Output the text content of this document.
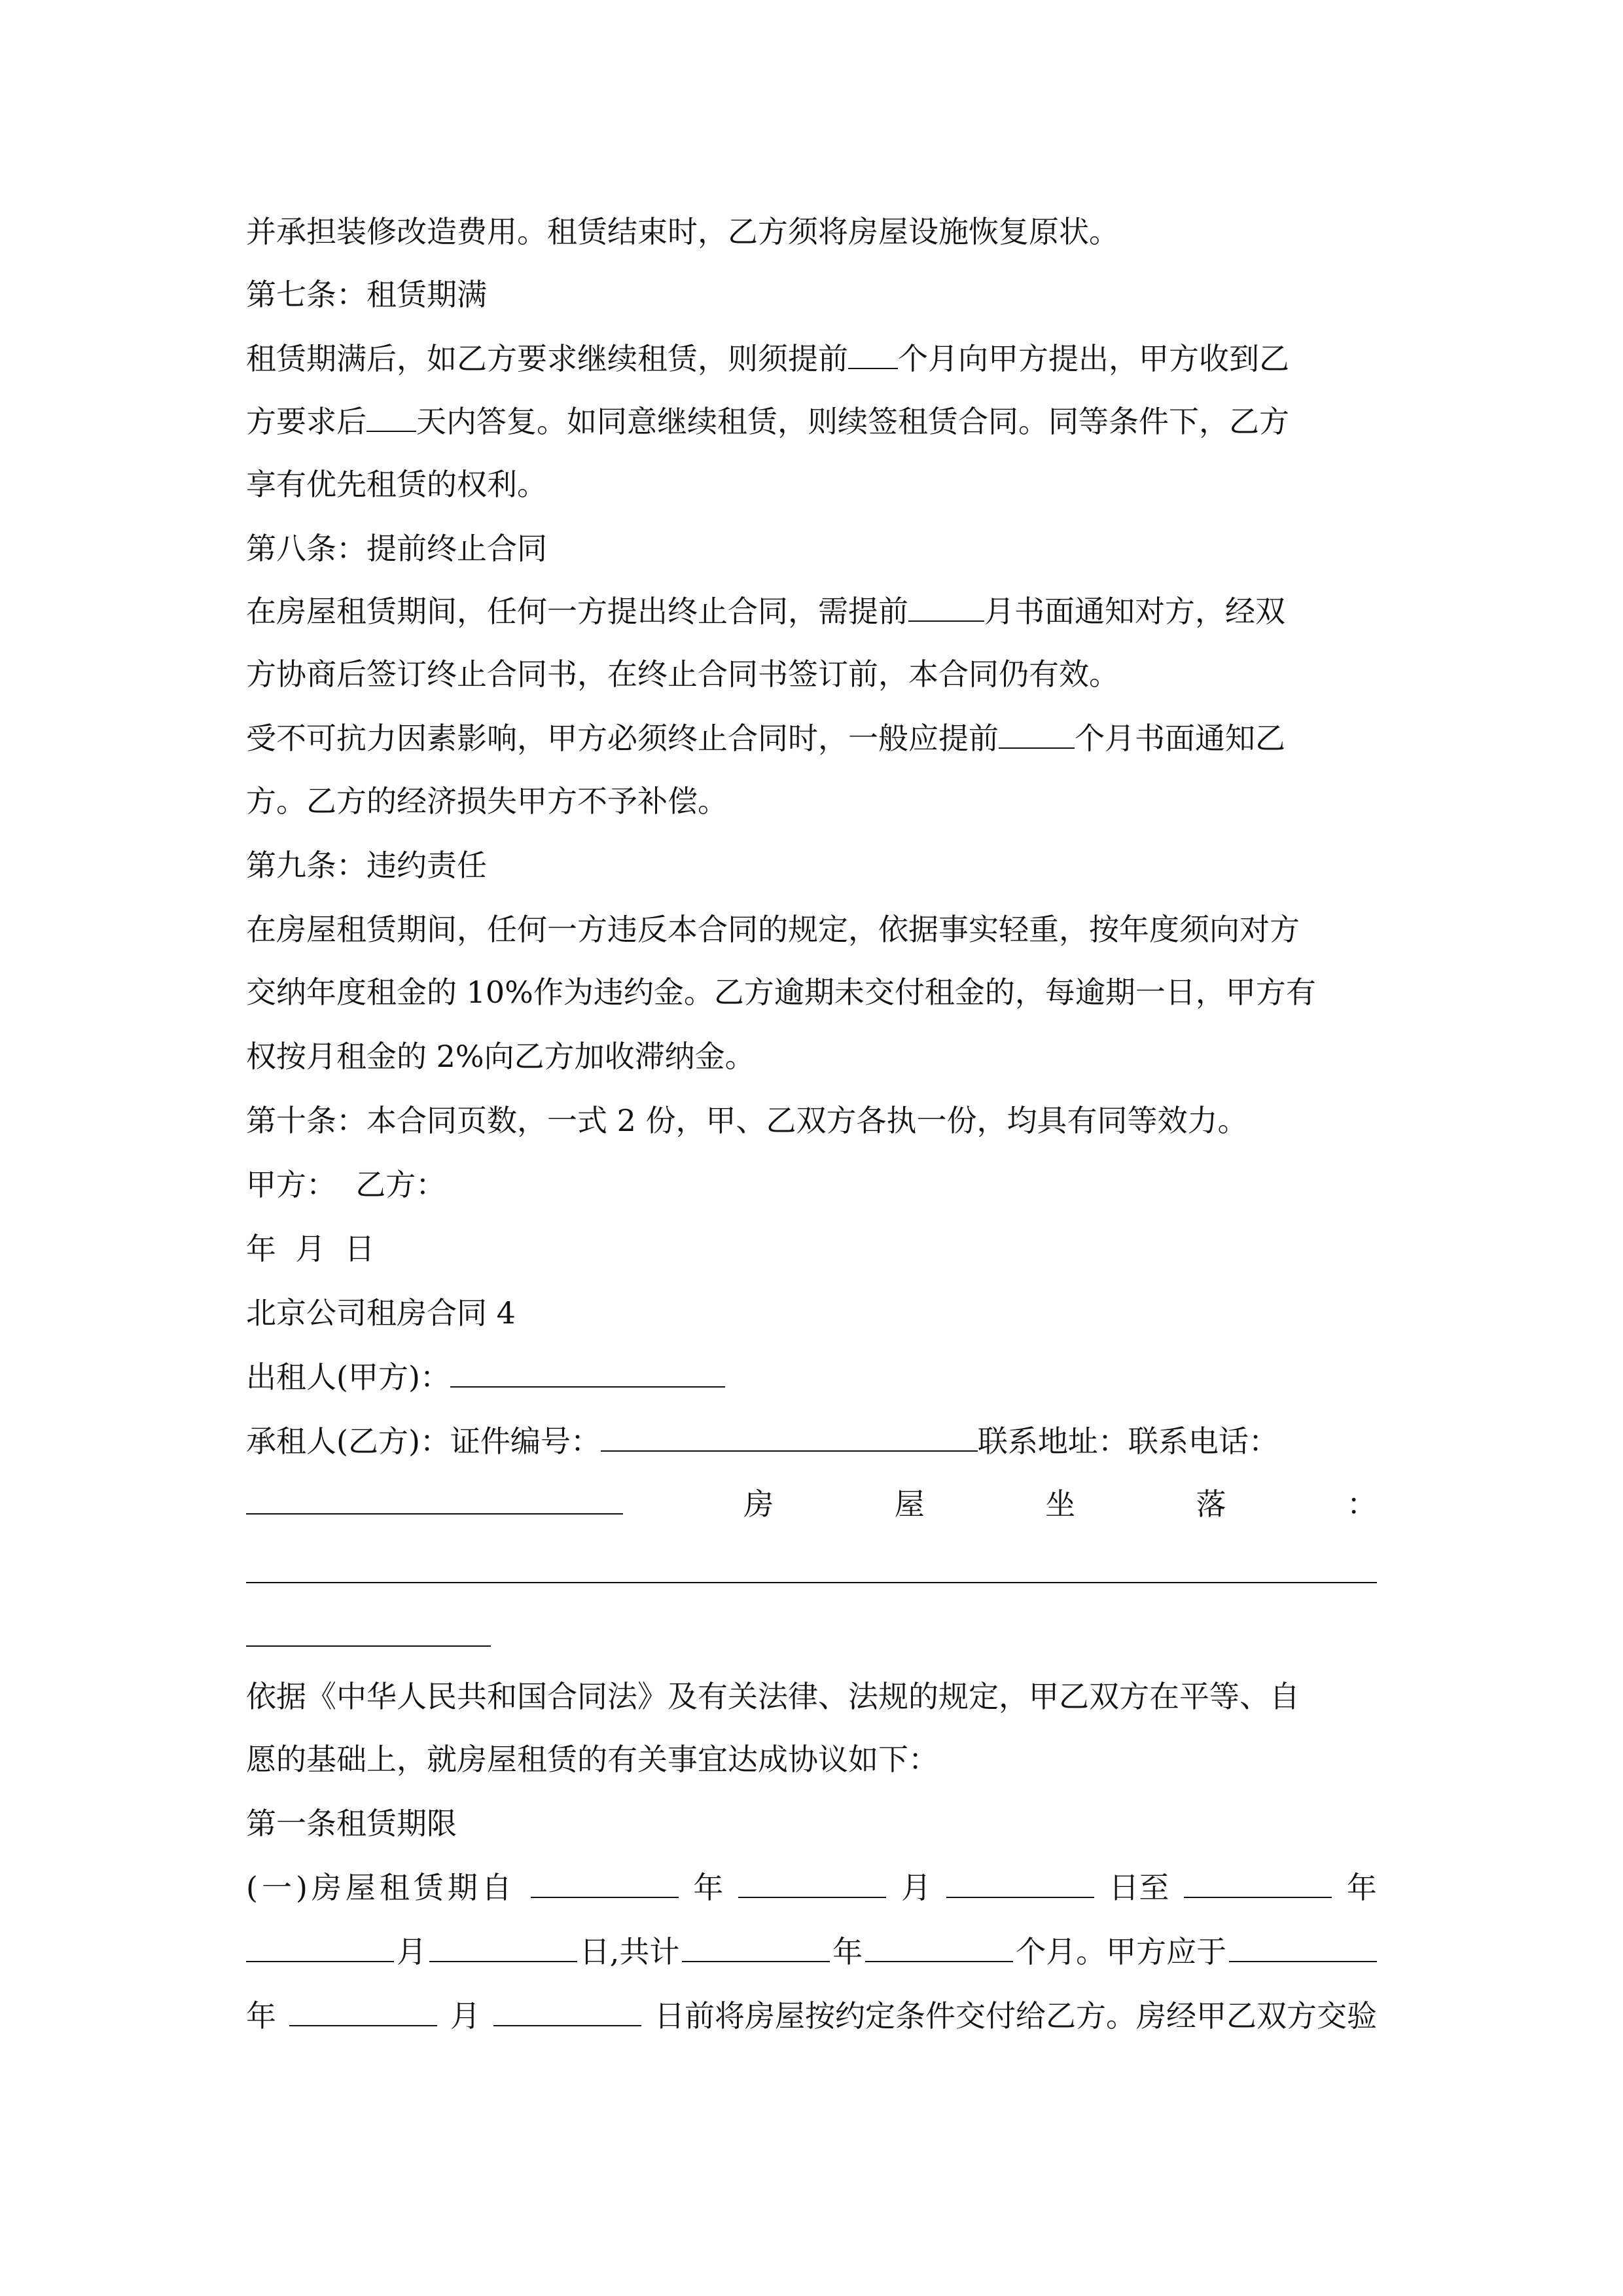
并承担装修改造费用。租赁结束时，乙方须将房屋设施恢复原状。
第七条：租赁期满
租赁期满后，如乙方要求继续租赁，则须提前 个月向甲方提出，甲方收到乙
方要求后 天内答复。如同意继续租赁，则续签租赁合同。同等条件下，乙方
享有优先租赁的权利。
第八条：提前终止合同
在房屋租赁期间，任何一方提出终止合同，需提前	月书面通知对方，经双
方协商后签订终止合同书，在终止合同书签订前，本合同仍有效。
受不可抗力因素影响，甲方必须终止合同时，一般应提前	个月书面通知乙
方。乙方的经济损失甲方不予补偿。
第九条：违约责任
在房屋租赁期间，任何一方违反本合同的规定，依据事实轻重，按年度须向对方
交纳年度租金的 10%作为违约金。乙方逾期未交付租金的，每逾期一日，甲方有
权按月租金的 2%向乙方加收滞纳金。
第十条：本合同页数，一式 2 份，甲、乙双方各执一份，均具有同等效力。
甲方：  乙方：
年  月  日
北京公司租房合同 4
出租人(甲方)：
承租人(乙方)：证件编号：	联系地址：联系电话：
房	屋	坐	落	：
依据《中华人民共和国合同法》及有关法律、法规的规定，甲乙双方在平等、自
愿的基础上，就房屋租赁的有关事宜达成协议如下：
第一条租赁期限
(一)房屋租赁期自	年	月	日至	年
月	日,共计	年	个月。甲方应于
年	月	日前将房屋按约定条件交付给乙方。房经甲乙双方交验
